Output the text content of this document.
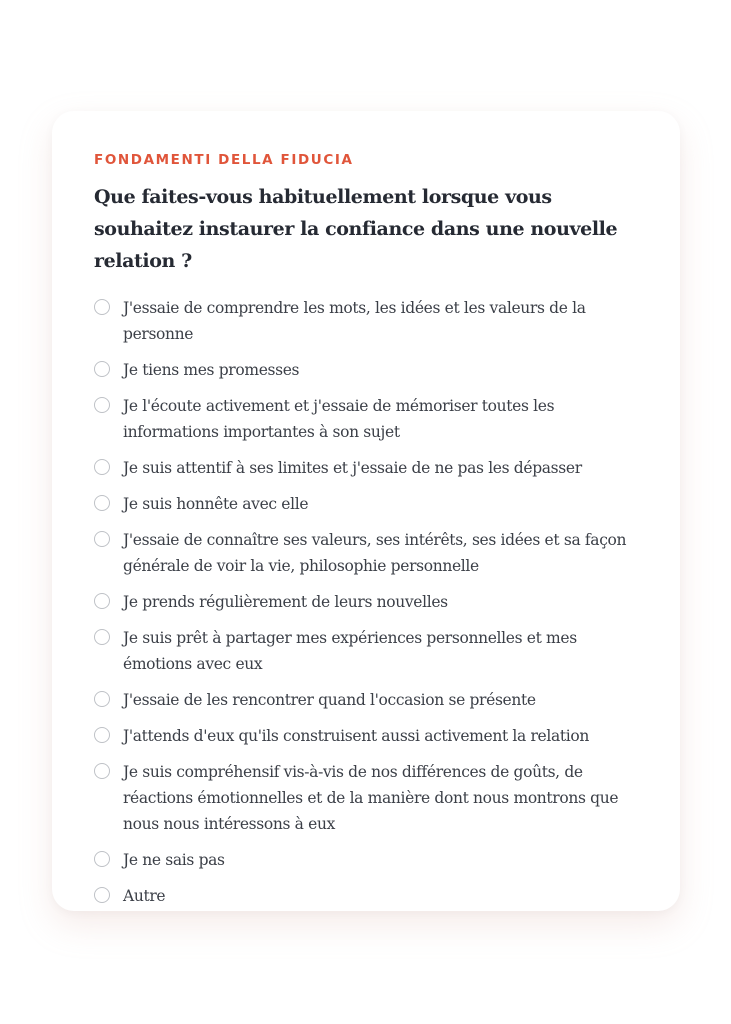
FONDAMENTI DELLA FIDUCIA

Que faites-vous habituellement lorsque vous souhaitez instaurer la confiance dans une nouvelle relation ?
J'essaie de comprendre les mots, les idées et les valeurs de la personne
Je tiens mes promesses
Je l'écoute activement et j'essaie de mémoriser toutes les informations importantes à son sujet
Je suis attentif à ses limites et j'essaie de ne pas les dépasser
Je suis honnête avec elle
J'essaie de connaître ses valeurs, ses intérêts, ses idées et sa façon générale de voir la vie, philosophie personnelle
Je prends régulièrement de leurs nouvelles
Je suis prêt à partager mes expériences personnelles et mes émotions avec eux
J'essaie de les rencontrer quand l'occasion se présente
J'attends d'eux qu'ils construisent aussi activement la relation
Je suis compréhensif vis-à-vis de nos différences de goûts, de réactions émotionnelles et de la manière dont nous montrons que nous nous intéressons à eux
Je ne sais pas
Autre
